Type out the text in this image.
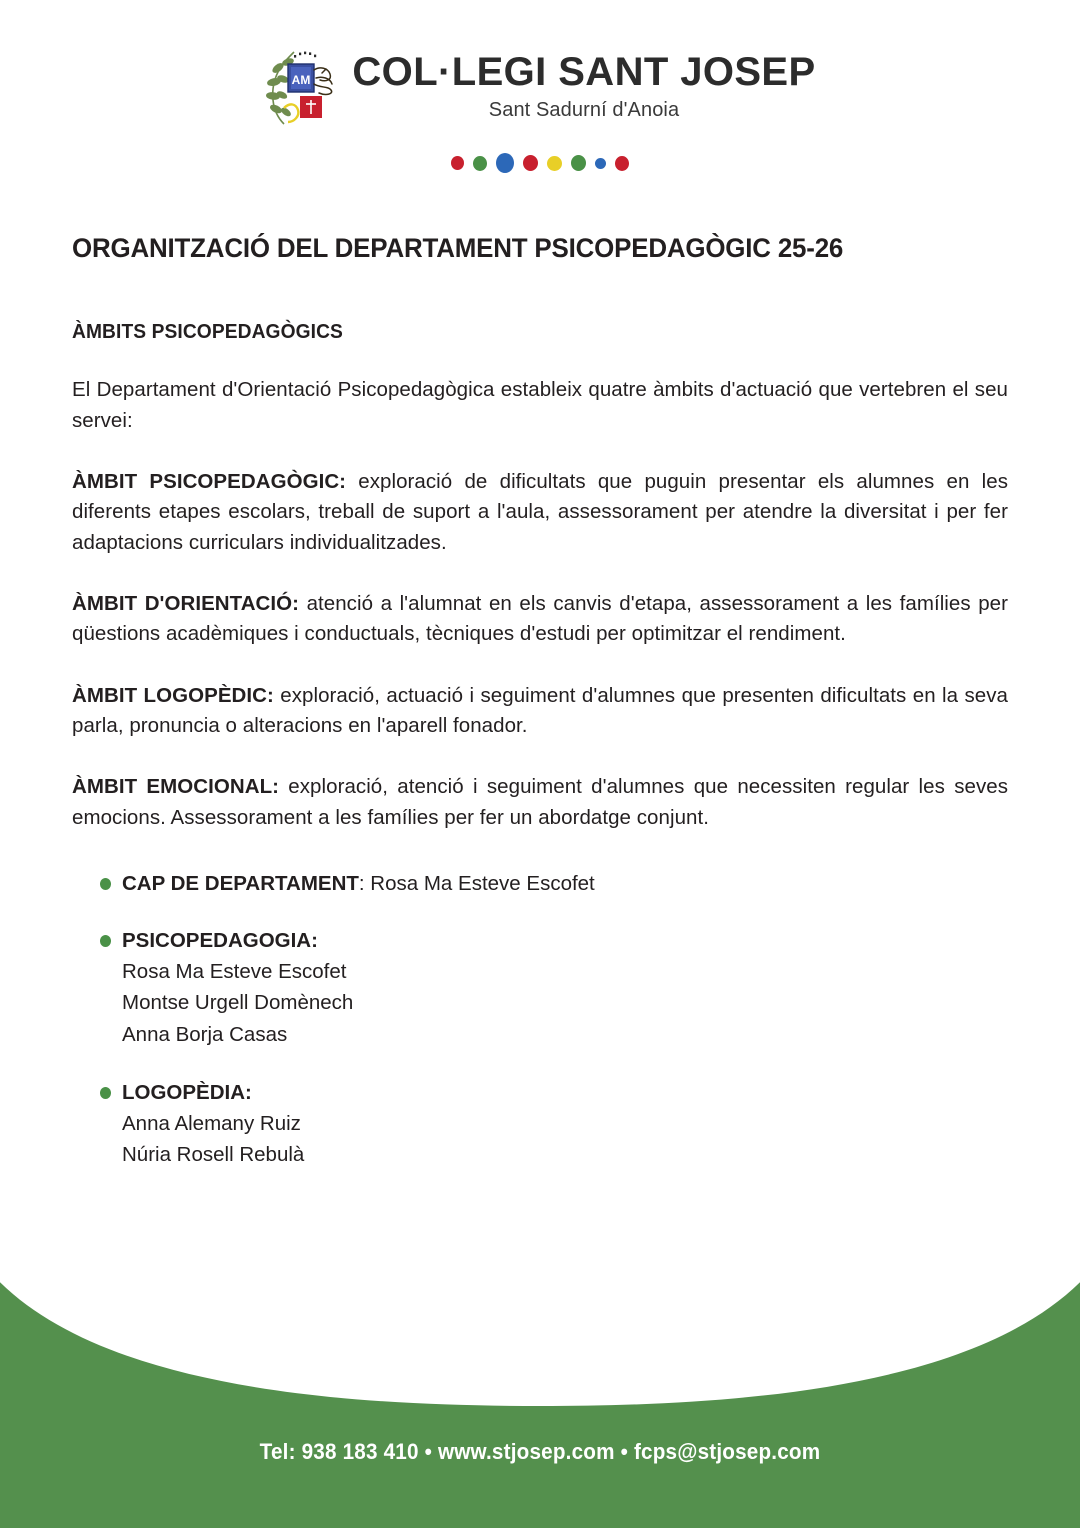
AM COL·LEGI SANT JOSEP
Sant Sadurní d'Anoia
ORGANITZACIÓ DEL DEPARTAMENT PSICOPEDAGÒGIC 25-26
ÀMBITS PSICOPEDAGÒGICS

El Departament d'Orientació Psicopedagògica estableix quatre àmbits d'actuació que vertebren el seu servei:

ÀMBIT PSICOPEDAGÒGIC: exploració de dificultats que puguin presentar els alumnes en les diferents etapes escolars, treball de suport a l'aula, assessorament per atendre la diversitat i per fer adaptacions curriculars individualitzades.

ÀMBIT D'ORIENTACIÓ: atenció a l'alumnat en els canvis d'etapa, assessorament a les famílies per qüestions acadèmiques i conductuals, tècniques d'estudi per optimitzar el rendiment.

ÀMBIT LOGOPÈDIC: exploració, actuació i seguiment d'alumnes que presenten dificultats en la seva parla, pronuncia o alteracions en l'aparell fonador.

ÀMBIT EMOCIONAL: exploració, atenció i seguiment d'alumnes que necessiten regular les seves emocions. Assessorament a les famílies per fer un abordatge conjunt.

CAP DE DEPARTAMENT: Rosa Ma Esteve Escofet
PSICOPEDAGOGIA:
Rosa Ma Esteve Escofet
Montse Urgell Domènech
Anna Borja Casas
LOGOPÈDIA:
Anna Alemany Ruiz
Núria Rosell Rebulà
Tel: 938 183 410 • www.stjosep.com • fcps@stjosep.com
